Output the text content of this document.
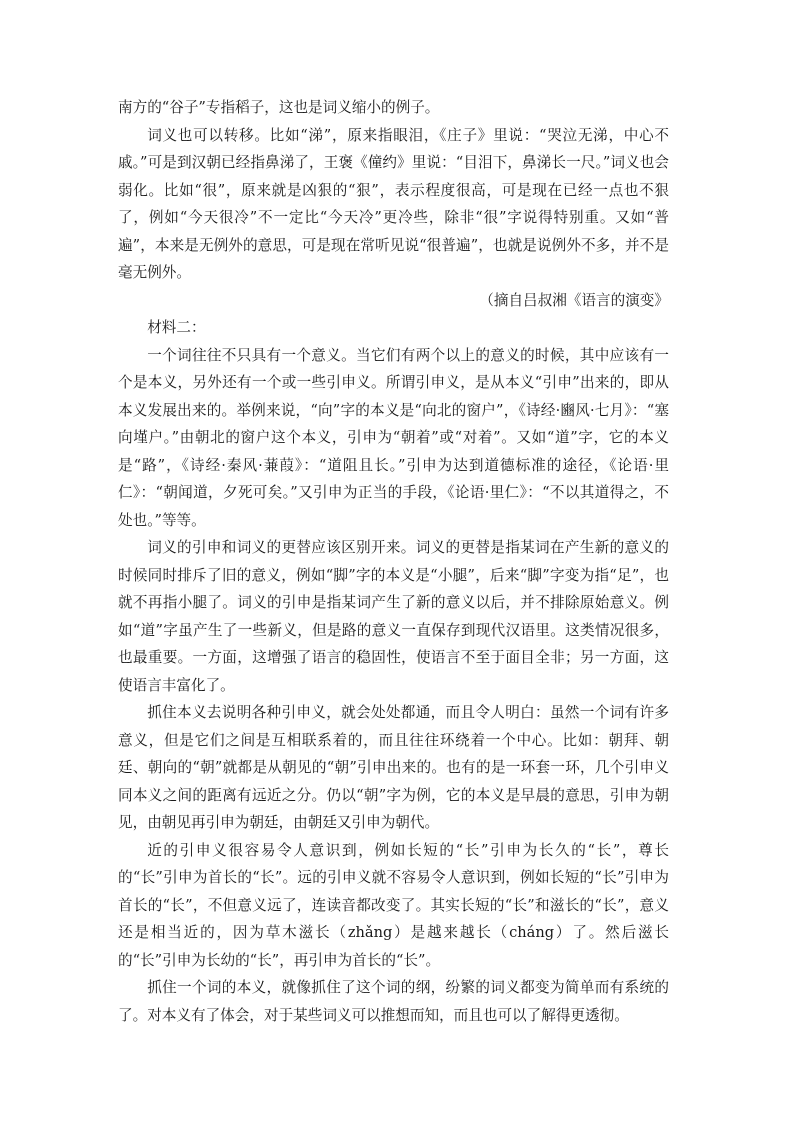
南方的“谷子”专指稻子，这也是词义缩小的例子。

词义也可以转移。比如“涕”，原来指眼泪，《庄子》里说：“哭泣无涕，中心不戚。”可是到汉朝已经指鼻涕了，王褒《僮约》里说：“目泪下，鼻涕长一尺。”词义也会弱化。比如“很”，原来就是凶狠的“狠”，表示程度很高，可是现在已经一点也不狠了，例如“今天很冷”不一定比“今天冷”更冷些，除非“很”字说得特别重。又如“普遍”，本来是无例外的意思，可是现在常听见说“很普遍”，也就是说例外不多，并不是毫无例外。

（摘自吕叔湘《语言的演变》

材料二：

一个词往往不只具有一个意义。当它们有两个以上的意义的时候，其中应该有一个是本义，另外还有一个或一些引申义。所谓引申义，是从本义“引申”出来的，即从本义发展出来的。举例来说，“向”字的本义是“向北的窗户”，《诗经·豳风·七月》：“塞向墐户。”由朝北的窗户这个本义，引申为“朝着”或“对着”。又如“道”字，它的本义是“路”，《诗经·秦风·蒹葭》：“道阻且长。”引申为达到道德标准的途径，《论语·里仁》：“朝闻道，夕死可矣。”又引申为正当的手段，《论语·里仁》：“不以其道得之，不处也。”等等。

词义的引申和词义的更替应该区别开来。词义的更替是指某词在产生新的意义的时候同时排斥了旧的意义，例如“脚”字的本义是“小腿”，后来“脚”字变为指“足”，也就不再指小腿了。词义的引申是指某词产生了新的意义以后，并不排除原始意义。例如“道”字虽产生了一些新义，但是路的意义一直保存到现代汉语里。这类情况很多，也最重要。一方面，这增强了语言的稳固性，使语言不至于面目全非；另一方面，这使语言丰富化了。

抓住本义去说明各种引申义，就会处处都通，而且令人明白：虽然一个词有许多意义，但是它们之间是互相联系着的，而且往往环绕着一个中心。比如：朝拜、朝廷、朝向的“朝”就都是从朝见的“朝”引申出来的。也有的是一环套一环，几个引申义同本义之间的距离有远近之分。仍以“朝”字为例，它的本义是早晨的意思，引申为朝见，由朝见再引申为朝廷，由朝廷又引申为朝代。

近的引申义很容易令人意识到，例如长短的“长”引申为长久的“长”，尊长的“长”引申为首长的“长”。远的引申义就不容易令人意识到，例如长短的“长”引申为首长的“长”，不但意义远了，连读音都改变了。其实长短的“长”和滋长的“长”，意义还是相当近的，因为草木滋长（zhǎng）是越来越长（cháng）了。然后滋长的“长”引申为长幼的“长”，再引申为首长的“长”。

抓住一个词的本义，就像抓住了这个词的纲，纷繁的词义都变为简单而有系统的了。对本义有了体会，对于某些词义可以推想而知，而且也可以了解得更透彻。
